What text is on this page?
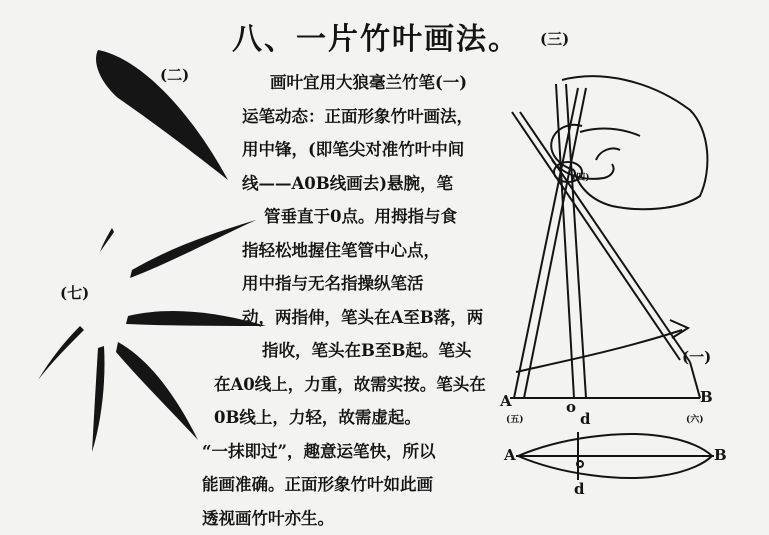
八、一片竹叶画法。
(二)
(三)
(七)
(一)
画叶宜用大狼毫兰竹笔(一)
运笔动态：正面形象竹叶画法，
用中锋，(即笔尖对准竹叶中间
线——A0B线画去)悬腕，笔
管垂直于0点。用拇指与食
指轻松地握住笔管中心点，
用中指与无名指操纵笔活
动，两指伸，笔头在A至B落，两
指收，笔头在B至B起。笔头
在A0线上，力重，故需实按。笔头在
0B线上，力轻，故需虚起。
“一抹即过”，趣意运笔快，所以
能画准确。正面形象竹叶如此画
透视画竹叶亦生。
A	B
o
d
(五)	(六)
(四)
A	B
d
